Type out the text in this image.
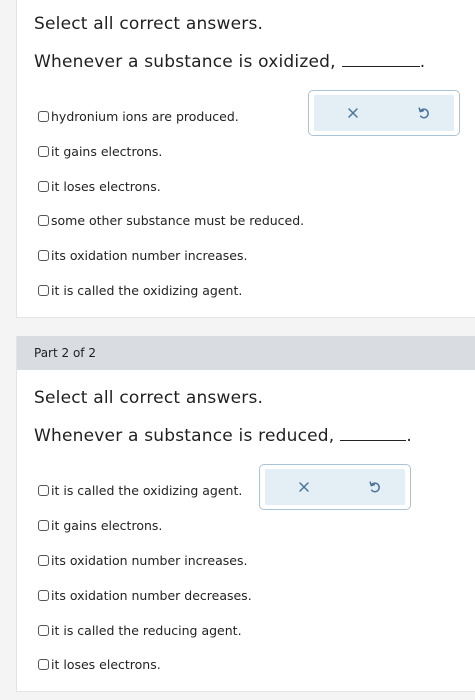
Select all correct answers.
Whenever a substance is oxidized,	.
hydronium ions are produced.
it gains electrons.
it loses electrons.
some other substance must be reduced.
its oxidation number increases.
it is called the oxidizing agent.
Part 2 of 2
Select all correct answers.
Whenever a substance is reduced,	.
it is called the oxidizing agent.
it gains electrons.
its oxidation number increases.
its oxidation number decreases.
it is called the reducing agent.
it loses electrons.
